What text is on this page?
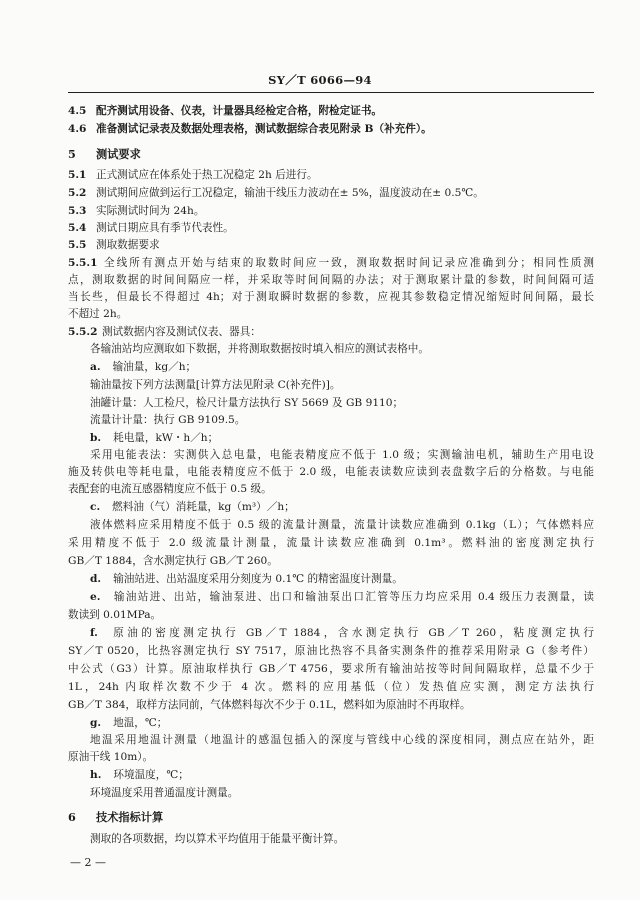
SY／T 6066—94
4.5 配齐测试用设备、仪表，计量器具经检定合格，附检定证书。
4.6 准备测试记录表及数据处理表格，测试数据综合表见附录 B（补充件）。
5 测试要求
5.1 正式测试应在体系处于热工况稳定 2h 后进行。
5.2 测试期间应做到运行工况稳定，输油干线压力波动在± 5%，温度波动在± 0.5℃。
5.3 实际测试时间为 24h。
5.4 测试日期应具有季节代表性。
5.5 测取数据要求
5.5.1 全线所有测点开始与结束的取数时间应一致，测取数据时间记录应准确到分；相同性质测
点，测取数据的时间间隔应一样，并采取等时间间隔的办法；对于测取累计量的参数，时间间隔可适
当长些，但最长不得超过 4h；对于测取瞬时数据的参数，应视其参数稳定情况缩短时间间隔，最长
不超过 2h。
5.5.2 测试数据内容及测试仪表、器具：
各输油站均应测取如下数据，并将测取数据按时填入相应的测试表格中。
a. 输油量，kg／h；
输油量按下列方法测量[计算方法见附录 C(补充件)]。
油罐计量：人工检尺，检尺计量方法执行 SY 5669 及 GB 9110；
流量计计量：执行 GB 9109.5。
b. 耗电量，kW・h／h；
采用电能表法：实测供入总电量，电能表精度应不低于 1.0 级；实测输油电机，辅助生产用电设
施及转供电等耗电量，电能表精度应不低于 2.0 级，电能表读数应读到表盘数字后的分格数。与电能
表配套的电流互感器精度应不低于 0.5 级。
c. 燃料油（气）消耗量，kg（m³）／h；
液体燃料应采用精度不低于 0.5 级的流量计测量，流量计读数应准确到 0.1kg（L）；气体燃料应
采用精度不低于 2.0 级流量计测量，流量计读数应准确到 0.1m³。燃料油的密度测定执行
GB／T 1884，含水测定执行 GB／T 260。
d. 输油站进、出站温度采用分刻度为 0.1℃ 的精密温度计测量。
e. 输油站进、出站，输油泵进、出口和输油泵出口汇管等压力均应采用 0.4 级压力表测量，读
数读到 0.01MPa。
f. 原油的密度测定执行 GB／T 1884，含水测定执行 GB／T 260，粘度测定执行
SY／T 0520，比热容测定执行 SY 7517，原油比热容不具备实测条件的推荐采用附录 G（参考件）
中公式（G3）计算。原油取样执行 GB／T 4756，要求所有输油站按等时间间隔取样，总量不少于
1L，24h 内取样次数不少于 4 次。燃料的应用基低（位）发热值应实测，测定方法执行
GB／T 384，取样方法同前，气体燃料每次不少于 0.1L，燃料如为原油时不再取样。
g. 地温，℃；
地温采用地温计测量（地温计的感温包插入的深度与管线中心线的深度相同，测点应在站外，距
原油干线 10m）。
h. 环境温度，℃；
环境温度采用普通温度计测量。
6 技术指标计算
测取的各项数据，均以算术平均值用于能量平衡计算。
— 2 —
